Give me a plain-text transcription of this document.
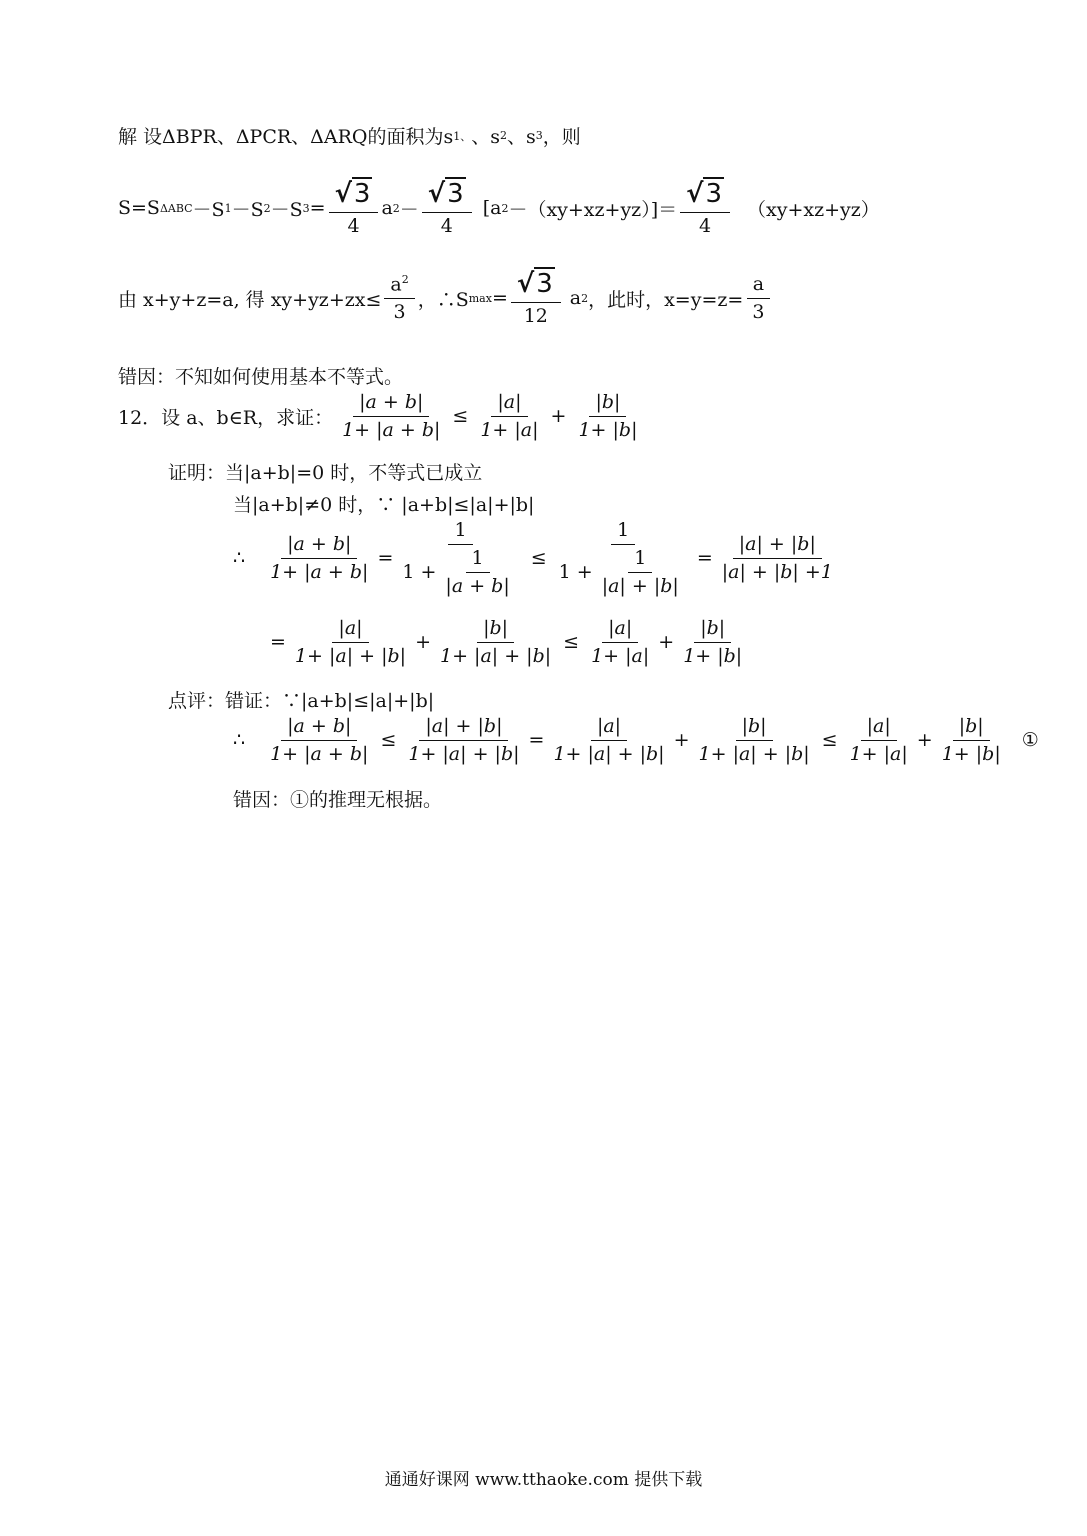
解 设ΔBPR、ΔPCR、ΔARQ的面积为s 1、 、s 2 、s 3 ，则
S=S ΔABC －S 1 －S 2 －S $3 = \frac{√3}{4}$ a $2 - \frac{√3}{4} [a$ $2 -(xy+xz+yz)]= \frac{√3}{4} (xy+xz+yz)$
由 x+y+z=a, 得 $xy+yz+zx\le \frac{a^2}{3}$ ，∴S $\max = \frac{√3}{12}$ a 2 ，此时，$x=y=z= \frac{a}{3}$
错因：不知如何使用基本不等式。
12．设 a、b∈R，求证： $\frac{|a + b|}{1+ |a + b|} \le \frac{|a|}{1+ |a|} + \frac{|b|}{1+ |b|}$
证明：当|a+b|=0 时，不等式已成立
当|a+b|≠0 时，∵ |a+b|≤|a|+|b|
∴ $\frac{|a + b|}{1+ |a + b|} = \frac{1}{1 + \frac{1}{|a + b|}} \le \frac{1}{1 + \frac{1}{|a| + |b|}} = \frac{|a| + |b|}{|a| + |b| +1}$
= $\frac{|a|}{1+ |a| + |b|} + \frac{|b|}{1+ |a| + |b|} \le \frac{|a|}{1+ |a|} + \frac{|b|}{1+ |b|}$
点评：错证：∵|a+b|≤|a|+|b|
∴ $\frac{|a + b|}{1+ |a + b|} \le \frac{|a| + |b|}{1+ |a| + |b|} = \frac{|a|}{1+ |a| + |b|} + \frac{|b|}{1+ |a| + |b|} \le \frac{|a|}{1+ |a|} + \frac{|b|}{1+ |b|}$ ①
错因：①的推理无根据。
通通好课网 www.tthaoke.com 提供下载
